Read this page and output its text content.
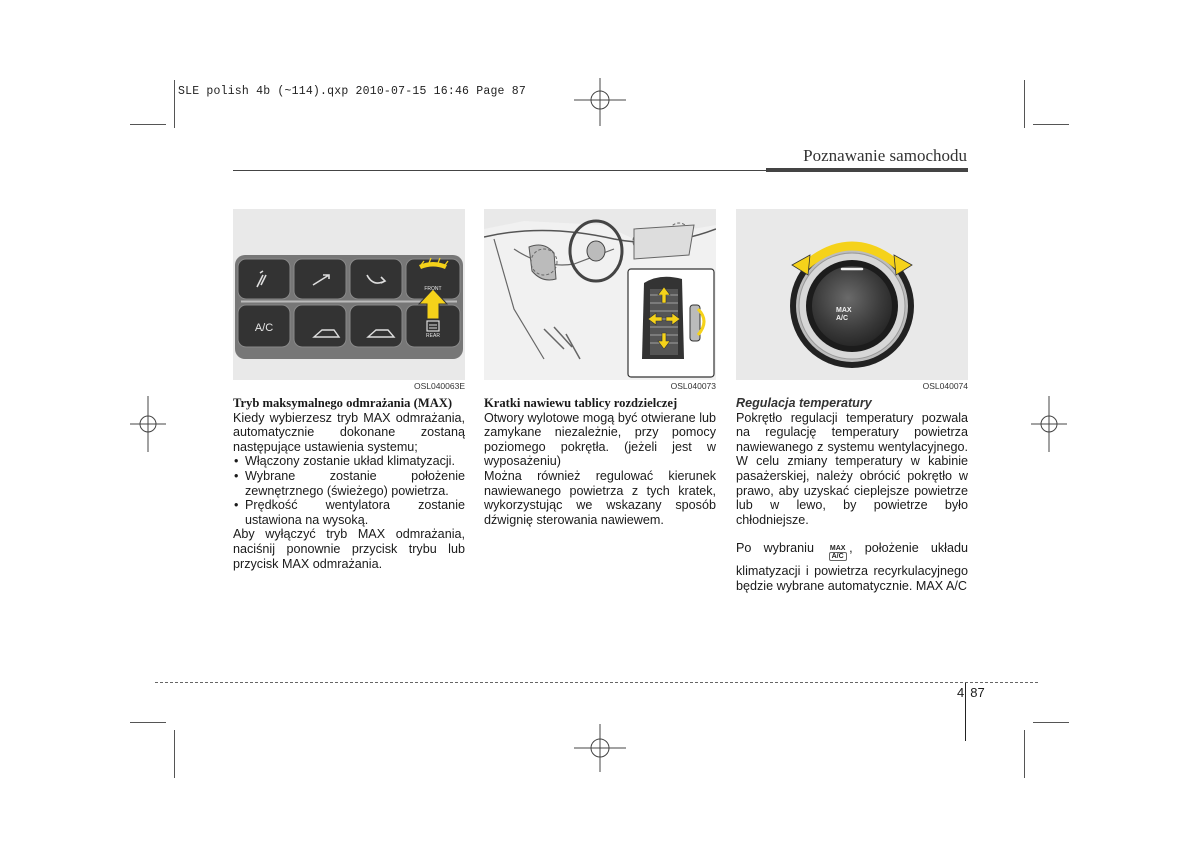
SLE polish 4b (~114).qxp 2010-07-15 16:46 Page 87
Poznawanie samochodu
A/C
FRONT
REAR
OSL040063E	OSL040073
MAX
A/C
OSL040074

Tryb maksymalnego odmrażania (MAX)

Kiedy wybierzesz tryb MAX odmrażania, automatycznie dokonane zostaną następujące ustawienia systemu;

• Włączony zostanie układ klimatyzacji.
• Wybrane zostanie położenie zewnętrznego (świeżego) powietrza.
• Prędkość wentylatora zostanie ustawiona na wysoką.

Aby wyłączyć tryb MAX odmrażania, naciśnij ponownie przycisk trybu lub przycisk MAX odmrażania.

Kratki nawiewu tablicy rozdzielczej

Otwory wylotowe mogą być otwierane lub zamykane niezależnie, przy pomocy poziomego pokrętła. (jeżeli jest w wyposażeniu)

Można również regulować kierunek nawiewanego powietrza z tych kratek, wykorzystując we wskazany sposób dźwignię sterowania nawiewem.

Regulacja temperatury

Pokrętło regulacji temperatury pozwala na regulację temperatury powietrza nawiewanego z systemu wentylacyjnego. W celu zmiany temperatury w kabinie pasażerskiej, należy obrócić pokrętło w prawo, aby uzyskać cieplejsze powietrze lub w lewo, by powietrze było chłodniejsze.

Po wybraniu MAX
A/C, położenie układu klimatyzacji i powietrza recyrkulacyjnego będzie wybrane automatycznie. MAX A/C

4 87
